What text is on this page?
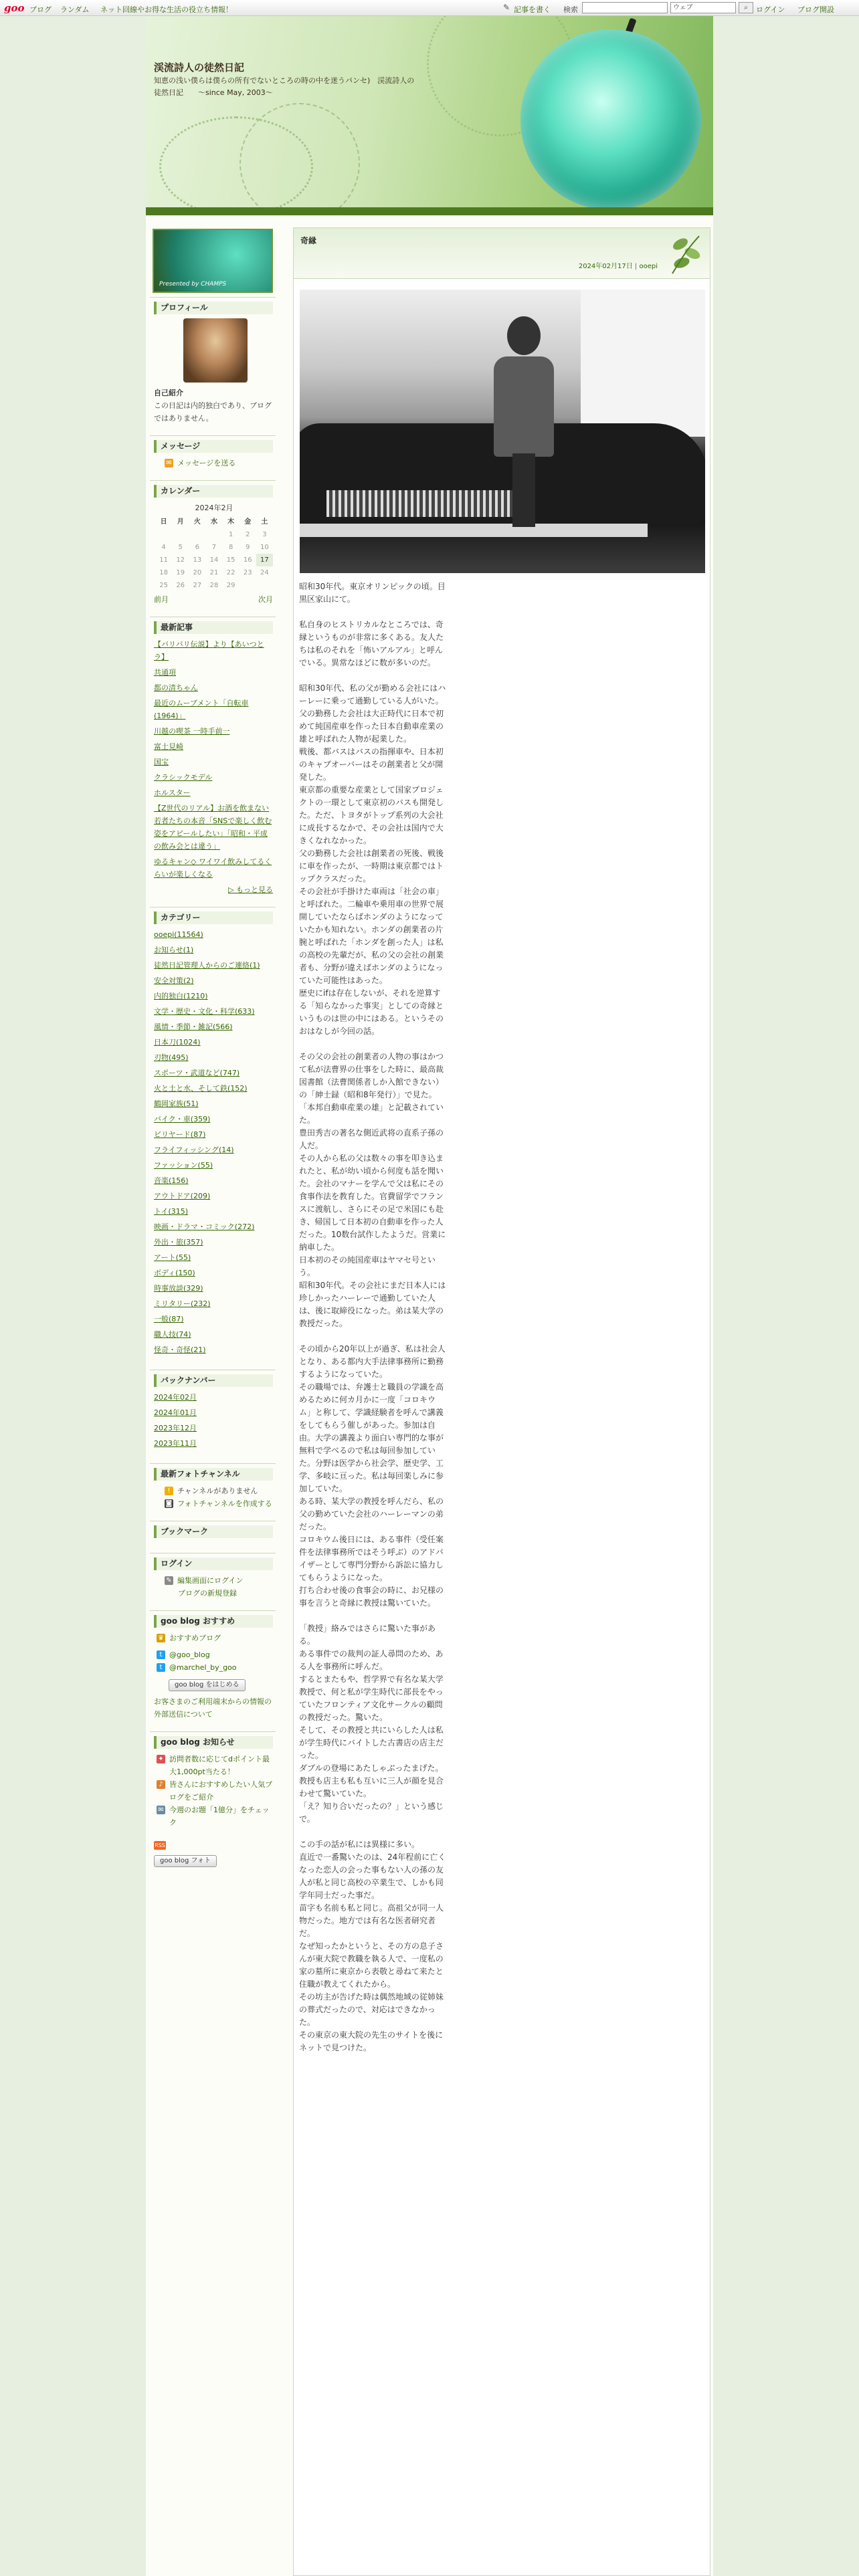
goo ブログ ランダム ネット回線やお得な生活の役立ち情報！	✎ 記事を書く 検索	ウェブ	⌕	ログイン ブログ開設
渓流詩人の徒然日記
知恵の浅い僕らは僕らの所有でないところの時の中を迷うパンセ)　渓流詩人の徒然日記　　～since May, 2003～
Presented by CHAMPS
プロフィール
自己紹介
この日記は内的独白であり、ブログではありません。
メッセージ
✉ メッセージを送る
カレンダー
2024年2月
日	月	火	水	木	金	土
				1	2	3
4	5	6	7	8	9	10
11	12	13	14	15	16	17
18	19	20	21	22	23	24
25	26	27	28	29		
前月	次月
最新記事
【バリバリ伝説】より【あいつとラ】
共通項
都の清ちゃん
最近のムーブメント「自転車(1964)」
川越の喫茶 一時手前一
富士見崎
国宝
クラシックモデル
ホルスター
【Z世代のリアル】お酒を飲まない若者たちの本音「SNSで楽しく飲む姿をアピールしたい」「昭和・平成の飲み会とは違う」
ゆるキャン◇ ワイワイ飲みしてるくらいが楽しくなる
▷ もっと見る
カテゴリー
ooepi(11564)
お知らせ(1)
徒然日記管理人からのご連絡(1)
安全対策(2)
内的独白(1210)
文学・歴史・文化・科学(633)
風情・季節・雑記(566)
日本刀(1024)
刃物(495)
スポーツ・武道など(747)
火と土と水、そして鉄(152)
鶴岡家族(51)
バイク・車(359)
ビリヤード(87)
フライフィッシング(14)
ファッション(55)
音楽(156)
アウトドア(209)
トイ(315)
映画・ドラマ・コミック(272)
外出・旅(357)
アート(55)
ボディ(150)
時事放談(329)
ミリタリー(232)
一般(87)
職人技(74)
怪奇・奇怪(21)
バックナンバー
2024年02月
2024年01月
2023年12月
2023年11月
最新フォトチャンネル
! チャンネルがありません
◙ フォトチャンネルを作成する
ブックマーク
ログイン
✎ 編集画面にログイン
ブログの新規登録
goo blog おすすめ
♛ おすすめブログ
t @goo_blog
t @marchel_by_goo
goo blog をはじめる
お客さまのご利用端末からの情報の外部送信について
goo blog お知らせ
✦ 訪問者数に応じてdポイント最大1,000pt当たる！
♪ 皆さんにおすすめしたい人気ブログをご紹介
✉ 今週のお題「1億分」をチェック
RSS
goo blog フォト
奇縁
2024年02月17日 | ooepi

昭和30年代。東京オリンピックの頃。目黒区家山にて。

私自身のヒストリカルなところでは、奇縁というものが非常に多くある。友人たちは私のそれを「怖いアルアル」と呼んでいる。異常なほどに数が多いのだ。

昭和30年代、私の父が勤める会社にはハーレーに乗って通勤している人がいた。

父の勤務した会社は大正時代に日本で初めて純国産車を作った日本自動車産業の雄と呼ばれた人物が起業した。

戦後、都バスはバスの指揮車や、日本初のキャブオーバーはその創業者と父が開発した。

東京都の重要な産業として国家プロジェクトの一環として東京初のバスも開発した。ただ、トヨタがトップ系列の大会社に成長するなかで、その会社は国内で大きくなれなかった。

父の勤務した会社は創業者の死後、戦後に車を作ったが、一時期は東京都ではトップクラスだった。

その会社が手掛けた車両は「社会の車」と呼ばれた。二輪車や乗用車の世界で展開していたならばホンダのようになっていたかも知れない。ホンダの創業者の片腕と呼ばれた「ホンダを創った人」は私の高校の先輩だが、私の父の会社の創業者も、分野が違えばホンダのようになっていた可能性はあった。

歴史にifは存在しないが、それを逆算する「知らなかった事実」としての奇縁というものは世の中にはある。というそのおはなしが今回の話。

その父の会社の創業者の人物の事はかつて私が法曹界の仕事をした時に、最高裁図書館（法曹関係者しか入館できない）の「紳士録（昭和8年発行）」で見た。「本邦自動車産業の雄」と記載されていた。

豊田秀吉の著名な側近武将の直系子孫の人だ。

その人から私の父は数々の事を叩き込まれたと、私が幼い頃から何度も話を聞いた。会社のマナーを学んで父は私にその食事作法を教育した。官費留学でフランスに渡航し、さらにその足で米国にも赴き、帰国して日本初の自動車を作った人だった。10数台試作したようだ。営業に納車した。

日本初のその純国産車はヤマセ号という。

昭和30年代。その会社にまだ日本人には珍しかったハーレーで通勤していた人は、後に取締役になった。弟は某大学の教授だった。

その頃から20年以上が過ぎ、私は社会人となり、ある都内大手法律事務所に勤務するようになっていた。

その職場では、弁護士と職員の学識を高めるために何カ月かに一度「コロキウム」と称して、学識経験者を呼んで講義をしてもらう催しがあった。参加は自由。大学の講義より面白い専門的な事が無料で学べるので私は毎回参加していた。分野は医学から社会学、歴史学、工学、多岐に亘った。私は毎回楽しみに参加していた。

ある時、某大学の教授を呼んだら、私の父の勤めていた会社のハーレーマンの弟だった。

コロキウム後日には、ある事件（受任案件を法律事務所ではそう呼ぶ）のアドバイザーとして専門分野から訴訟に協力してもらうようになった。

打ち合わせ後の食事会の時に、お兄様の事を言うと奇縁に教授は驚いていた。

「教授」絡みではさらに驚いた事がある。

ある事件での裁判の証人尋問のため、ある人を事務所に呼んだ。

するとまたもや、哲学界で有名な某大学教授で、何と私が学生時代に部長をやっていたフロンティア文化サークルの顧問の教授だった。驚いた。

そして、その教授と共にいらした人は私が学生時代にバイトした古書店の店主だった。

ダブルの登場にあたしゃぶったまげた。

教授も店主も私も互いに三人が顔を見合わせて驚いていた。

「え？知り合いだったの？」という感じで。

この手の話が私には異様に多い。

直近で一番驚いたのは、24年程前に亡くなった恋人の会った事もない人の孫の友人が私と同じ高校の卒業生で、しかも同学年同士だった事だ。

苗字も名前も私と同じ。高祖父が同一人物だった。地方では有名な医者研究者だ。

なぜ知ったかというと、その方の息子さんが東大院で教職を執る人で、一度私の家の墓所に東京から表敬と尋ねて来たと住職が教えてくれたから。

その坊主が告げた時は偶然地域の従姉妹の葬式だったので、対応はできなかった。

その東京の東大院の先生のサイトを後にネットで見つけた。
